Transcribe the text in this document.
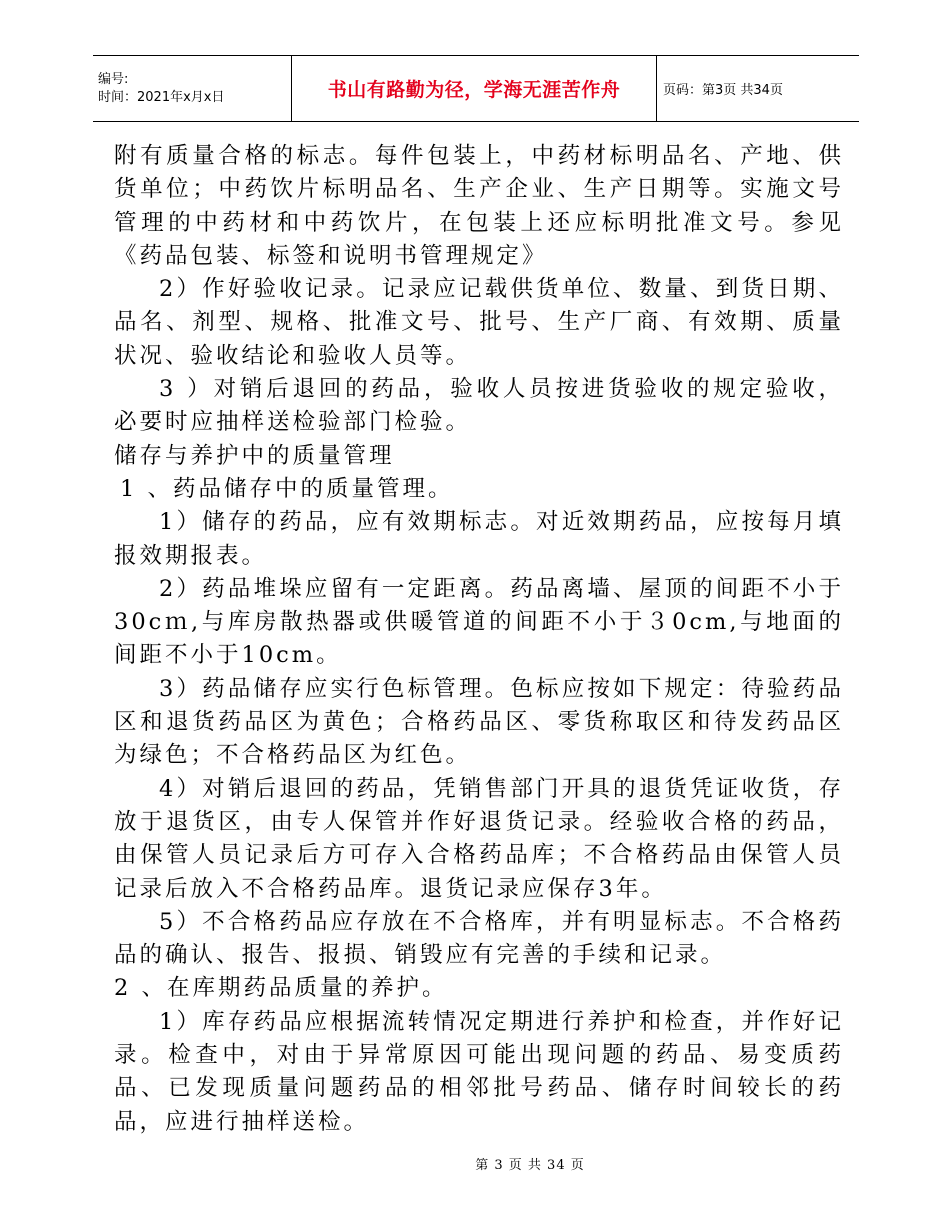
编号:
时间：2021年x月x日	书山有路勤为径，学海无涯苦作舟	页码：第3页 共34页

附有质量合格的标志。每件包装上，中药材标明品名、产地、供货单位；中药饮片标明品名、生产企业、生产日期等。实施文号管理的中药材和中药饮片，在包装上还应标明批准文号。参见《药品包装、标签和说明书管理规定》

2）作好验收记录。记录应记载供货单位、数量、到货日期、品名、剂型、规格、批准文号、批号、生产厂商、有效期、质量状况、验收结论和验收人员等。

3 ）对销后退回的药品，验收人员按进货验收的规定验收，必要时应抽样送检验部门检验。

储存与养护中的质量管理

1 、药品储存中的质量管理。

1）储存的药品，应有效期标志。对近效期药品，应按每月填报效期报表。

2）药品堆垛应留有一定距离。药品离墙、屋顶的间距不小于30cｍ,与库房散热器或供暖管道的间距不小于３0cm,与地面的间距不小于10cm。

3）药品储存应实行色标管理。色标应按如下规定：待验药品区和退货药品区为黄色；合格药品区、零货称取区和待发药品区为绿色；不合格药品区为红色。

4）对销后退回的药品，凭销售部门开具的退货凭证收货，存放于退货区，由专人保管并作好退货记录。经验收合格的药品，由保管人员记录后方可存入合格药品库；不合格药品由保管人员记录后放入不合格药品库。退货记录应保存3年。

5）不合格药品应存放在不合格库，并有明显标志。不合格药品的确认、报告、报损、销毁应有完善的手续和记录。

2 、在库期药品质量的养护。

1）库存药品应根据流转情况定期进行养护和检查，并作好记录。检查中，对由于异常原因可能出现问题的药品、易变质药品、已发现质量问题药品的相邻批号药品、储存时间较长的药品，应进行抽样送检。

第 3 页 共 34 页
